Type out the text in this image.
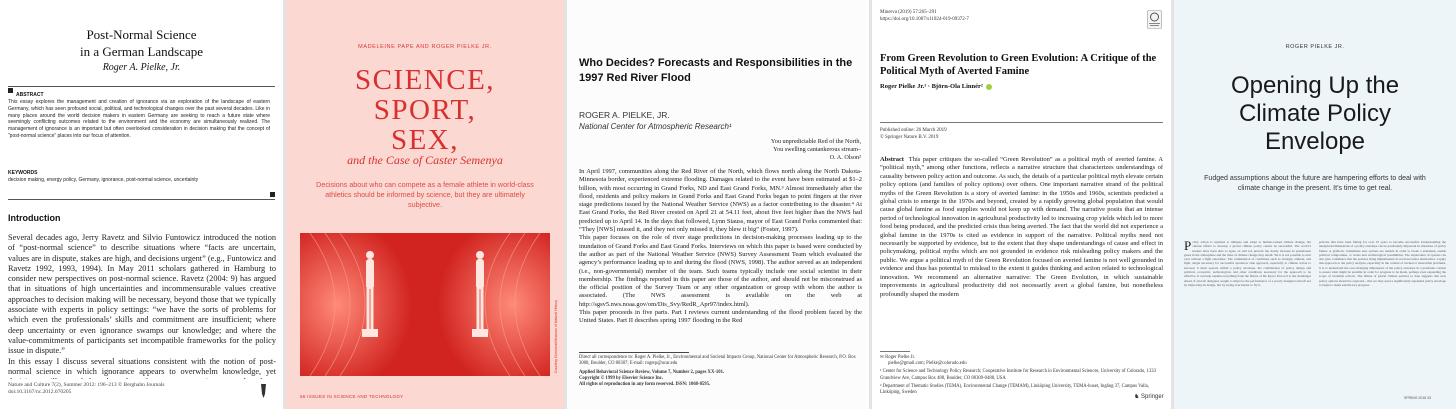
Post-Normal Science
in a German Landscape
Roger A. Pielke, Jr.
ABSTRACT
This essay explores the management and creation of ignorance via an exploration of the landscape of eastern Germany, which has seen profound social, political, and technological changes over the past several decades. Like in many places around the world decision makers in eastern Germany are seeking to reach a future state where seemingly conflicting outcomes related to the environment and the economy are simultaneously realized. The management of ignorance is an important but often overlooked consideration in decision making that the concept of “post-normal science” places into our focus of attention.
KEYWORDS
decision making, energy policy, Germany, ignorance, post-normal science, uncertainty
Introduction
Several decades ago, Jerry Ravetz and Silvio Funtowicz introduced the notion of “post-normal science” to describe situations where “facts are uncertain, values are in dispute, stakes are high, and decisions urgent” (e.g., Funtowicz and Ravetz 1992, 1993, 1994). In May 2011 scholars gathered in Hamburg to consider new perspectives on post-normal science. Ravetz (2004: 9) has argued that in situations of high uncertainties and incommensurable values creative approaches to decision making will be necessary, beyond those that we typically associate with experts in policy settings: “we have the sorts of problems for which even the professionals’ skills and commitment are insufficient; where deep uncertainty or even ignorance swamps our knowledge; and where the value-commitments of participants set incompatible frameworks for the policy issue in dispute.”
In this essay I discuss several situations consistent with the notion of post-normal science in which ignorance appears to overwhelm knowledge, yet
Nature and Culture 7(2), Summer 2012: 196–213 © Berghahn Journals
doi:10.3167/nc.2012.070205
MADELEINE PAPE AND ROGER PIELKE JR.
SCIENCE,
SPORT,
SEX,
and the Case of Caster Semenya
Decisions about who can compete as a female athlete in world-class athletics should be informed by science, but they are ultimately subjective.
Courtesy Cleveland Museum of Natural History
56 ISSUES IN SCIENCE AND TECHNOLOGY
Who Decides? Forecasts and Responsibilities in the 1997 Red River Flood
ROGER A. PIELKE, JR.
National Center for Atmospheric Research¹
You unpredictable Red of the North,
You swelling cantankerous stream–
O. A. Olson²
In April 1997, communities along the Red River of the North, which flows north along the North Dakota-Minnesota border, experienced extreme flooding. Damages related to the event have been estimated at $1–2 billion, with most occurring in Grand Forks, ND and East Grand Forks, MN.³ Almost immediately after the flood, residents and policy makers in Grand Forks and East Grand Forks began to point fingers at the river stage predictions issued by the National Weather Service (NWS) as a factor contributing to the disaster.⁴ At East Grand Forks, the Red River crested on April 21 at 54.11 feet, about five feet higher than the NWS had predicted up to April 14. In the days that followed, Lynn Stauss, mayor of East Grand Forks commented that: “They [NWS] missed it, and they not only missed it, they blew it big” (Foster, 1997).
This paper focuses on the role of river stage predictions in decision-making processes leading up to the inundation of Grand Forks and East Grand Forks. Interviews on which this paper is based were conducted by the author as part of the National Weather Service (NWS) Survey Assessment Team which evaluated the agency’s performance leading up to and during the flood (NWS, 1998). The author served as an independent (i.e., non-governmental) member of the team. Such teams typically include one social scientist in their membership. The findings reported in this paper are those of the author, and should not be misconstrued as the official position of the Survey Team or any other organization or group with whom the author is associated. (The NWS assessment is available on the web at http://sgsv5.nws.noaa.gov/om/Dis_Svy/RedR_Apr97/index.html).
This paper proceeds in five parts. Part I reviews current understanding of the flood problem faced by the United States. Part II describes spring 1997 flooding in the Red
Direct all correspondence to: Roger A. Pielke, Jr., Environmental and Societal Impacts Group, National Center for Atmospheric Research, P.O. Box 3000, Boulder, CO 80307; E-mail: rogerp@ucar.edu
Applied Behavioral Science Review, Volume 7, Number 2, pages XX-101.
Copyright © 1999 by Elsevier Science Inc.
All rights of reproduction in any form reserved. ISSN: 1068-8595.
Minerva (2019) 57:265–291
https://doi.org/10.1007/s11024-019-09372-7
From Green Revolution to Green Evolution: A Critique of the Political Myth of Averted Famine
Roger Pielke Jr.¹ · Björn-Ola Linnér²
Published online: 26 March 2019
© Springer Nature B.V. 2019
Abstract This paper critiques the so-called “Green Revolution” as a political myth of averted famine. A “political myth,” among other functions, reflects a narrative structure that characterizes understandings of causality between policy action and outcome. As such, the details of a particular political myth elevate certain policy options (and families of policy options) over others. One important narrative strand of the political myths of the Green Revolution is a story of averted famine: in the 1950s and 1960s, scientists predicted a global crisis to emerge in the 1970s and beyond, created by a rapidly growing global population that would cause global famine as food supplies would not keep up with demand. The narrative posits that an intense period of technological innovation in agricultural productivity led to increasing crop yields which led to more food being produced, and the predicted crisis thus being averted. The fact that the world did not experience a global famine in the 1970s is cited as evidence in support of the narrative. Political myths need not necessarily be supported by evidence, but to the extent that they shape understandings of cause and effect in policymaking, political myths which are not grounded in evidence risk misleading policy makers and the public. We argue a political myth of the Green Revolution focused on averted famine is not well grounded in evidence and thus has potential to mislead to the extent it guides thinking and action related to technological innovation. We recommend an alternative narrative: The Green Evolution, in which sustainable improvements in agricultural productivity did not necessarily avert a global famine, but nonetheless profoundly shaped the modern
✉ Roger Pielke Jr.
pielke@gmail.com; Pielke@colorado.edu
¹ Center for Science and Technology Policy Research; Cooperative Institute for Research in Environmental Sciences, University of Colorado, 1333 Grandview Ave, Campus Box 488, Boulder, CO 80309-0488, USA
² Department of Thematic Studies (TEMA), Environmental Change (TEMAM), Linköping University, TEMA-huset, Ingång 37, Campus Valla, Linköping, Sweden
♞ Springer
ROGER PIELKE JR.
Opening Up the
Climate Policy
Envelope
Fudged assumptions about the future are hampering efforts to deal with climate change in the present. It’s time to get real.
Policy action is required to mitigate and adapt to human-caused climate change, but current efforts to develop a global climate policy cannot be successful. The world’s leaders have been able to agree on will not prevent the steady increase in greenhouse gases in the atmosphere and the risks of climate change they entail. Yet it is not possible to start over without a fight elsewhere. The combination of conditions such as strongly, attitude, and fight, single necessary for successful operation. One approach, especially to climate action to succeed, it must operate within a policy envelope, the combination of policy design and political, economic, technological, and other conditions necessary for the approach to be effective. It can help explain everything from the failure of the Kyoto Protocol to the challenges ahead, if aircraft designers sought to improve the performance of a poorly designed aircraft not by improving its design, but by trying ever harder to fly it.
policies that have been failing for over 25 years to become successful. Understanding the unexplored dimensions of a policy envelope can be particularly important in situations of policy failure or gridlock. Sometimes new options are needed in order to break a stalemate, enable political compromise, or create new technological possibilities. The exploration of options can also give confidence that the policies being implemented do not have better alternatives. I apply this approach to the policy analysis, especially in the context of wicked or intractable problems, it is to understand the ever-changing dimensions of the policy envelope in a particular context to assess what might be possible in order for progress to be made, perhaps even expanding the scope of available actions. The failure of global climate policies to date suggests that new policy options should be explored—that we may need a significantly expanded policy envelope to begin to make satisfactory progress.
SPRING 2018 33
